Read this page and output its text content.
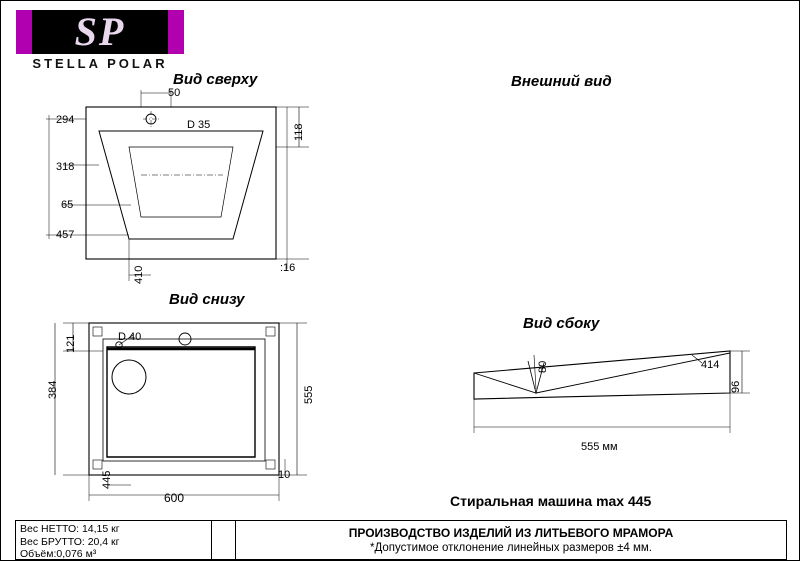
SP
STELLA POLAR
Вид сверху
Вид снизу
Внешний вид
Вид сбоку
294
50
D 35
318
65
457
118
410	:16
121	D 40
384	555
10
445
600
80	414
96
555 мм
Стиральная машина max 445
Вес НЕТТО: 14,15 кг
Вес БРУТТО: 20,4 кг
Объём:0,076 м³
ПРОИЗВОДСТВО ИЗДЕЛИЙ ИЗ ЛИТЬЕВОГО МРАМОРА
*Допустимое отклонение линейных размеров ±4 мм.
